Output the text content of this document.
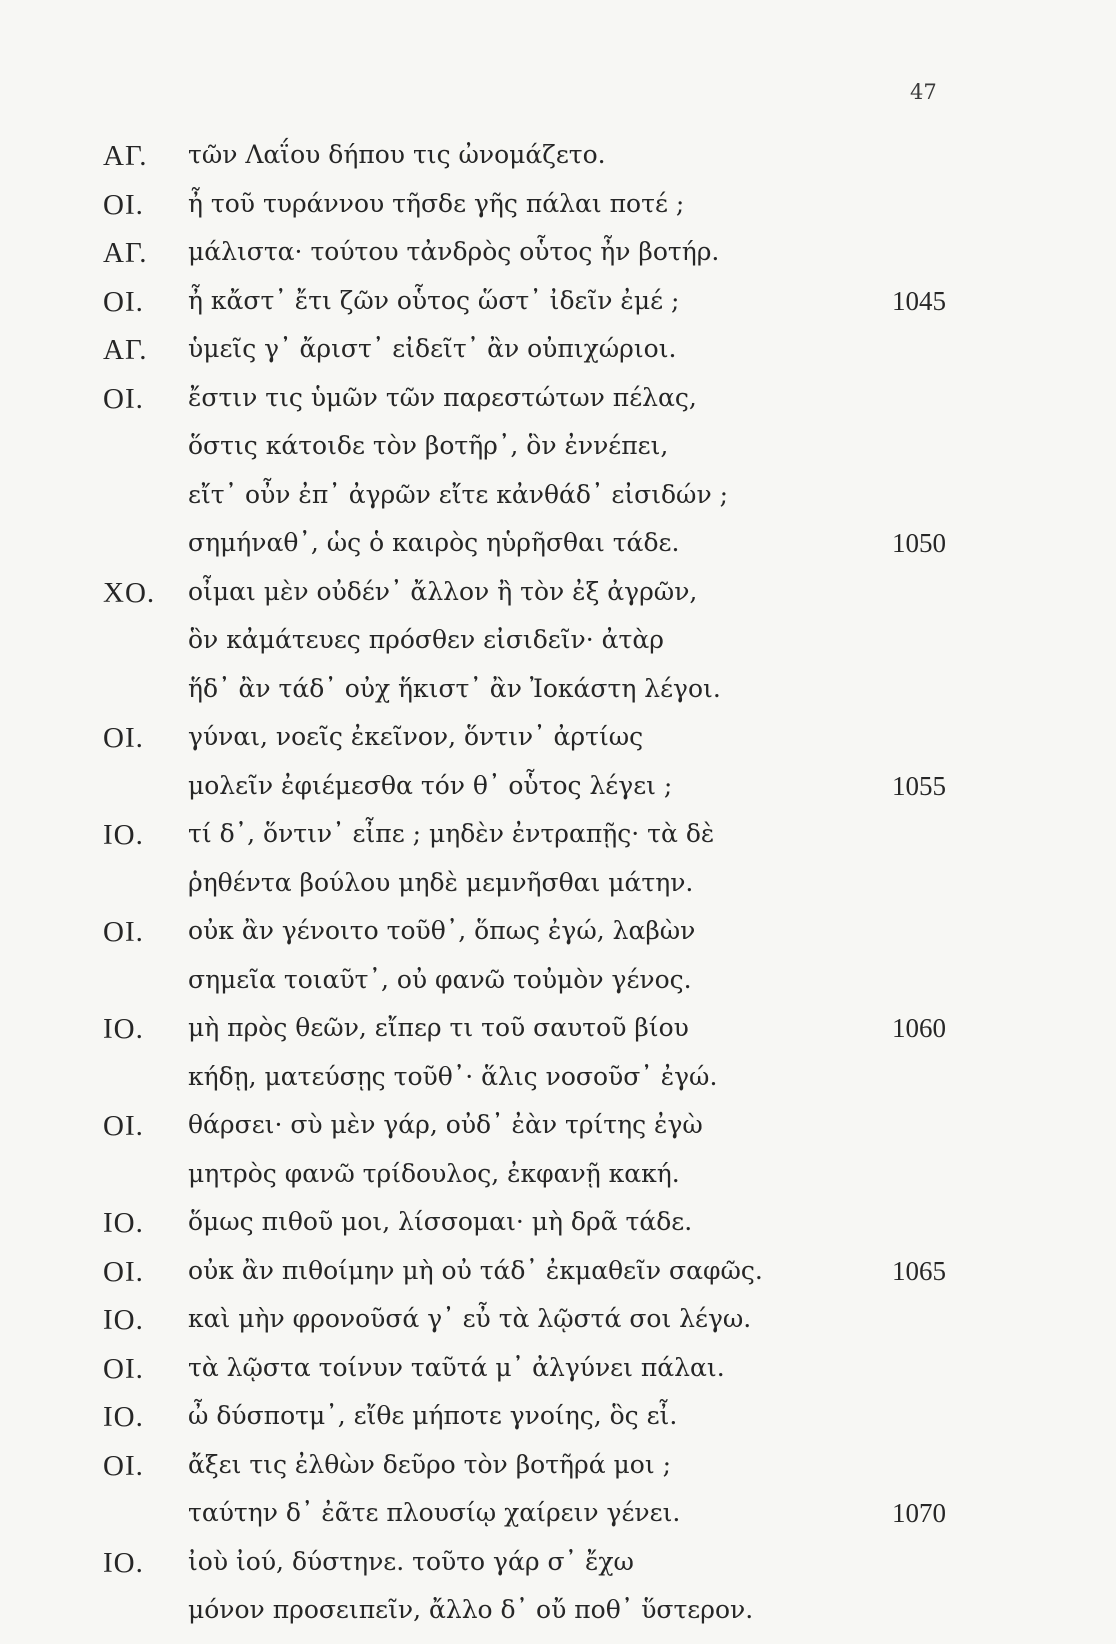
47
ΑΓ. τῶν Λαΐου δήπου τις ὠνομάζετο.
ΟΙ. ἦ τοῦ τυράννου τῆσδε γῆς πάλαι ποτέ ;
ΑΓ. μάλιστα· τούτου τἀνδρὸς οὗτος ἦν βοτήρ.
ΟΙ. ἦ κἄστ᾽ ἔτι ζῶν οὗτος ὥστ᾽ ἰδεῖν ἐμέ ;	1045
ΑΓ. ὑμεῖς γ᾽ ἄριστ᾽ εἰδεῖτ᾽ ἂν οὐπιχώριοι.
ΟΙ. ἔστιν τις ὑμῶν τῶν παρεστώτων πέλας,
ὅστις κάτοιδε τὸν βοτῆρ᾽, ὃν ἐννέπει,
εἴτ᾽ οὖν ἐπ᾽ ἀγρῶν εἴτε κἀνθάδ᾽ εἰσιδών ;
σημήναθ᾽, ὡς ὁ καιρὸς ηὑρῆσθαι τάδε.	1050
ΧΟ. οἶμαι μὲν οὐδέν᾽ ἄλλον ἢ τὸν ἐξ ἀγρῶν,
ὃν κἀμάτευες πρόσθεν εἰσιδεῖν· ἀτὰρ
ἥδ᾽ ἂν τάδ᾽ οὐχ ἥκιστ᾽ ἂν Ἰοκάστη λέγοι.
ΟΙ. γύναι, νοεῖς ἐκεῖνον, ὅντιν᾽ ἀρτίως
μολεῖν ἐφιέμεσθα τόν θ᾽ οὗτος λέγει ;	1055
ΙΟ. τί δ᾽, ὅντιν᾽ εἶπε ; μηδὲν ἐντραπῇς· τὰ δὲ
ῥηθέντα βούλου μηδὲ μεμνῆσθαι μάτην.
ΟΙ. οὐκ ἂν γένοιτο τοῦθ᾽, ὅπως ἐγώ, λαβὼν
σημεῖα τοιαῦτ᾽, οὐ φανῶ τοὐμὸν γένος.
ΙΟ. μὴ πρὸς θεῶν, εἴπερ τι τοῦ σαυτοῦ βίου	1060
κήδῃ, ματεύσῃς τοῦθ᾽· ἅλις νοσοῦσ᾽ ἐγώ.
ΟΙ. θάρσει· σὺ μὲν γάρ, οὐδ᾽ ἐὰν τρίτης ἐγὼ
μητρὸς φανῶ τρίδουλος, ἐκφανῇ κακή.
ΙΟ. ὅμως πιθοῦ μοι, λίσσομαι· μὴ δρᾶ τάδε.
ΟΙ. οὐκ ἂν πιθοίμην μὴ οὐ τάδ᾽ ἐκμαθεῖν σαφῶς.	1065
ΙΟ. καὶ μὴν φρονοῦσά γ᾽ εὖ τὰ λῷστά σοι λέγω.
ΟΙ. τὰ λῷστα τοίνυν ταῦτά μ᾽ ἀλγύνει πάλαι.
ΙΟ. ὦ δύσποτμ᾽, εἴθε μήποτε γνοίης, ὃς εἶ.
ΟΙ. ἄξει τις ἐλθὼν δεῦρο τὸν βοτῆρά μοι ;
ταύτην δ᾽ ἐᾶτε πλουσίῳ χαίρειν γένει.	1070
ΙΟ. ἰοὺ ἰού, δύστηνε. τοῦτο γάρ σ᾽ ἔχω
μόνον προσειπεῖν, ἄλλο δ᾽ οὔ ποθ᾽ ὕστερον.
